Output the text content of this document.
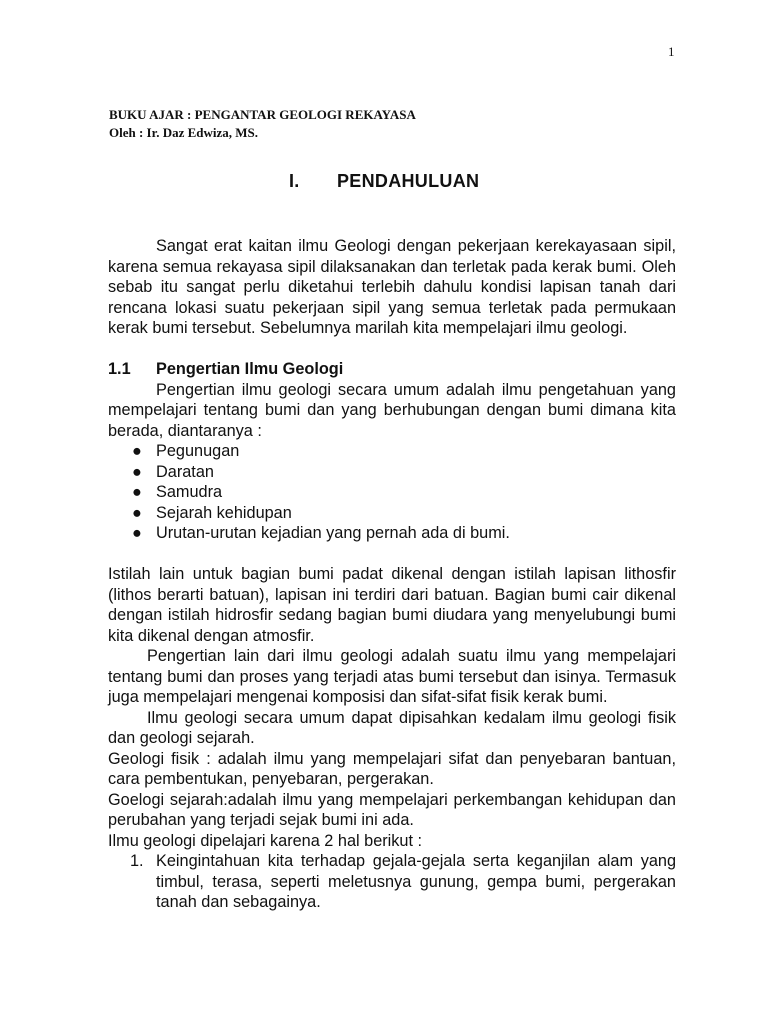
1
BUKU AJAR : PENGANTAR GEOLOGI REKAYASA
Oleh : Ir. Daz Edwiza, MS.
I. PENDAHULUAN

Sangat erat kaitan ilmu Geologi dengan pekerjaan kerekayasaan sipil, karena semua rekayasa sipil dilaksanakan dan terletak pada kerak bumi. Oleh sebab itu sangat perlu diketahui terlebih dahulu kondisi lapisan tanah dari rencana lokasi suatu pekerjaan sipil yang semua terletak pada permukaan kerak bumi tersebut. Sebelumnya marilah kita mempelajari ilmu geologi.

1.1 Pengertian Ilmu Geologi

Pengertian ilmu geologi secara umum adalah ilmu pengetahuan yang mempelajari tentang bumi dan yang berhubungan dengan bumi dimana kita berada, diantaranya :

● Pegunugan
● Daratan
● Samudra
● Sejarah kehidupan
● Urutan-urutan kejadian yang pernah ada di bumi.

Istilah lain untuk bagian bumi padat dikenal dengan istilah lapisan lithosfir (lithos berarti batuan), lapisan ini terdiri dari batuan. Bagian bumi cair dikenal dengan istilah hidrosfir sedang bagian bumi diudara yang menyelubungi bumi kita dikenal dengan atmosfir.

Pengertian lain dari ilmu geologi adalah suatu ilmu yang mempelajari tentang bumi dan proses yang terjadi atas bumi tersebut dan isinya. Termasuk juga mempelajari mengenai komposisi dan sifat-sifat fisik kerak bumi.

Ilmu geologi secara umum dapat dipisahkan kedalam ilmu geologi fisik dan geologi sejarah.

Geologi fisik : adalah ilmu yang mempelajari sifat dan penyebaran bantuan, cara pembentukan, penyebaran, pergerakan.

Goelogi sejarah:adalah ilmu yang mempelajari perkembangan kehidupan dan perubahan yang terjadi sejak bumi ini ada.

Ilmu geologi dipelajari karena 2 hal berikut :

1. Keingintahuan kita terhadap gejala-gejala serta keganjilan alam yang timbul, terasa, seperti meletusnya gunung, gempa bumi, pergerakan tanah dan sebagainya.
